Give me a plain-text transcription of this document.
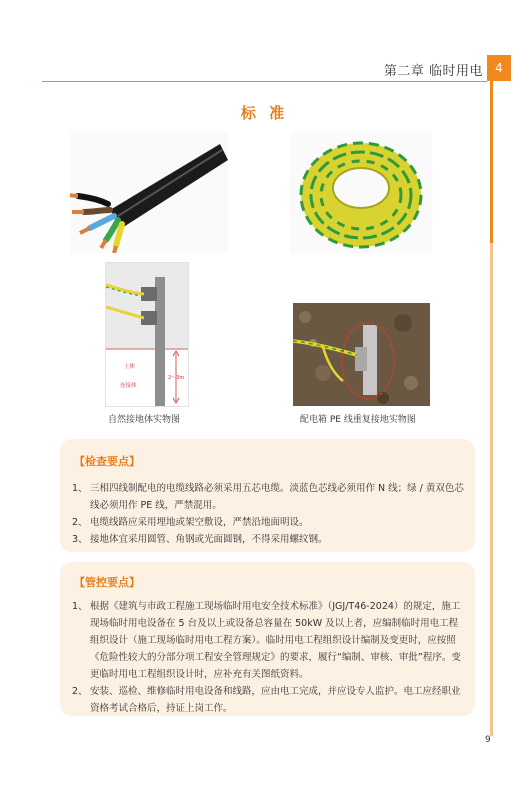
第二章 临时用电	4
标 准
土体
连接体
2～3m
自然接地体实物图	配电箱 PE 线重复接地实物图
【检查要点】
1、 三相四线制配电的电缆线路必须采用五芯电缆。淡蓝色芯线必须用作 N 线；绿 / 黄双色芯线必须用作 PE 线，严禁混用。
2、 电缆线路应采用埋地或架空敷设，严禁沿地面明设。
3、 接地体宜采用圆管、角钢或光面圆钢，不得采用螺纹钢。
【管控要点】
1、 根据《建筑与市政工程施工现场临时用电安全技术标准》（JGJ/T46-2024）的规定，施工现场临时用电设备在 5 台及以上或设备总容量在 50kW 及以上者，应编制临时用电工程组织设计（施工现场临时用电工程方案）。临时用电工程组织设计编制及变更时，应按照《危险性较大的分部分项工程安全管理规定》的要求，履行“编制、审核、审批”程序。变更临时用电工程组织设计时，应补充有关图纸资料。
2、 安装、巡检、维修临时用电设备和线路，应由电工完成，并应设专人监护。电工应经职业资格考试合格后，持证上岗工作。
9
